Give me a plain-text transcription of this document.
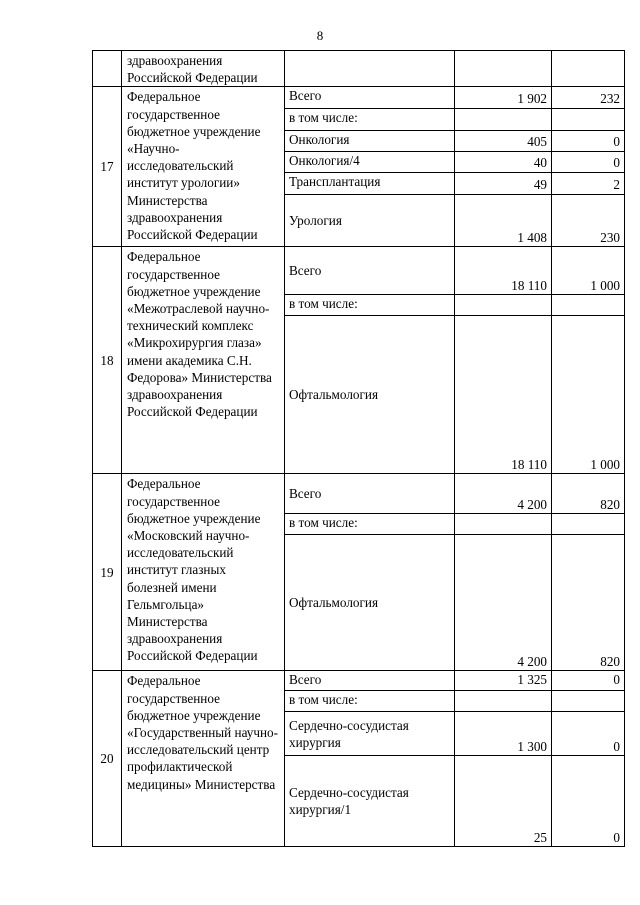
8
	здравоохранения Российской Федерации			
17	Федеральное государственное бюджетное учреждение «Научно-исследовательский институт урологии» Министерства здравоохранения Российской Федерации	Всего	1 902	232
		в том числе:		
		Онкология	405	0
		Онкология/4	40	0
		Трансплантация	49	2
		Урология	1 408	230
18	Федеральное государственное бюджетное учреждение «Межотраслевой научно-технический комплекс «Микрохирургия глаза» имени академика С.Н. Федорова» Министерства здравоохранения Российской Федерации	Всего	18 110	1 000
		в том числе:		
		Офтальмология	18 110	1 000
19	Федеральное государственное бюджетное учреждение «Московский научно-исследовательский институт глазных болезней имени Гельмгольца» Министерства здравоохранения Российской Федерации	Всего	4 200	820
		в том числе:		
		Офтальмология	4 200	820
20	Федеральное государственное бюджетное учреждение «Государственный научно-исследовательский центр профилактической медицины» Министерства	Всего	1 325	0
		в том числе:		
		Сердечно-сосудистая хирургия	1 300	0
		Сердечно-сосудистая хирургия/1	25	0
